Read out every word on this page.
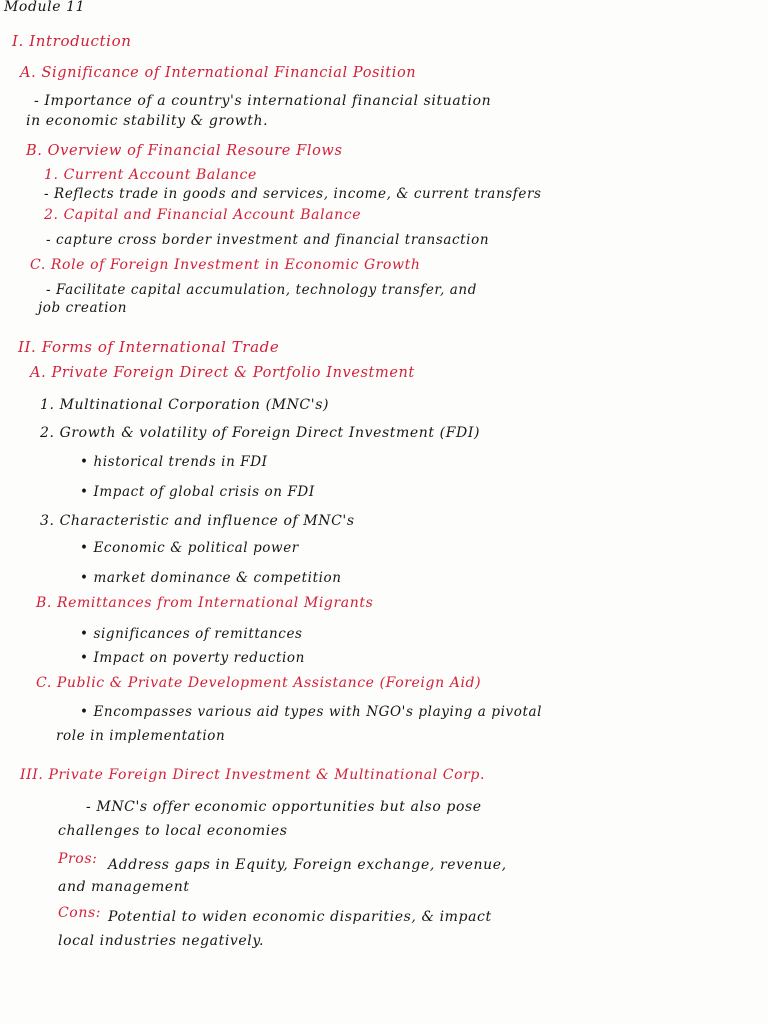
Module 11
I. Introduction
A. Significance of International Financial Position
- Importance of a country's international financial situation
in economic stability & growth.
B. Overview of Financial Resoure Flows
1. Current Account Balance
- Reflects trade in goods and services, income, & current transfers
2. Capital and Financial Account Balance
- capture cross border investment and financial transaction
C. Role of Foreign Investment in Economic Growth
- Facilitate capital accumulation, technology transfer, and
job creation
II. Forms of International Trade
A. Private Foreign Direct & Portfolio Investment
1. Multinational Corporation (MNC's)
2. Growth & volatility of Foreign Direct Investment (FDI)
• historical trends in FDI
• Impact of global crisis on FDI
3. Characteristic and influence of MNC's
• Economic & political power
• market dominance & competition
B. Remittances from International Migrants
• significances of remittances
• Impact on poverty reduction
C. Public & Private Development Assistance (Foreign Aid)
• Encompasses various aid types with NGO's playing a pivotal
role in implementation
III. Private Foreign Direct Investment & Multinational Corp.
- MNC's offer economic opportunities but also pose
challenges to local economies
Pros: Address gaps in Equity, Foreign exchange, revenue,
and management
Cons: Potential to widen economic disparities, & impact
local industries negatively.
